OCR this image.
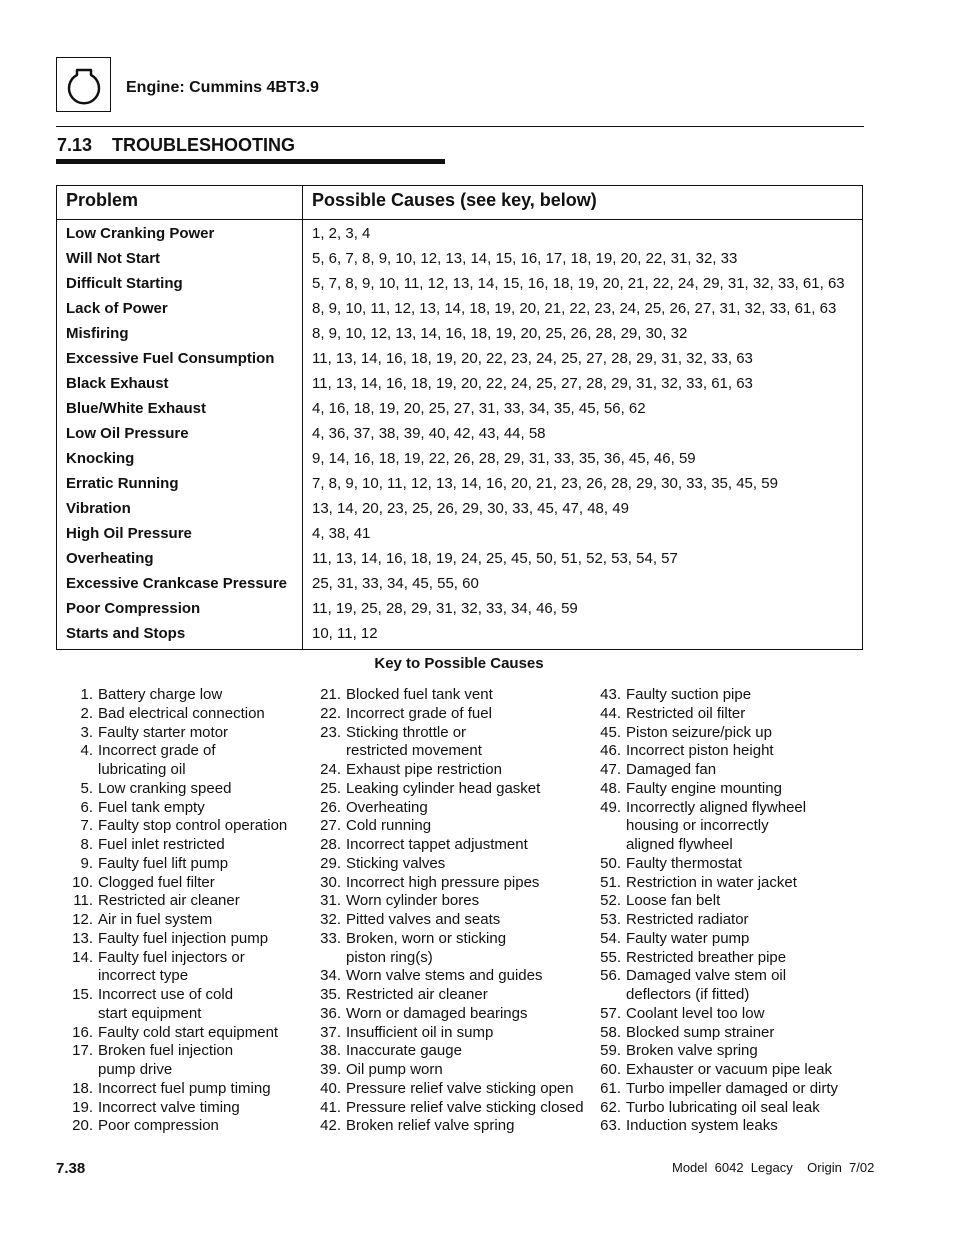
Engine: Cummins 4BT3.9
7.13 TROUBLESHOOTING
Problem	Possible Causes (see key, below)
Low Cranking Power	1, 2, 3, 4
Will Not Start	5, 6, 7, 8, 9, 10, 12, 13, 14, 15, 16, 17, 18, 19, 20, 22, 31, 32, 33
Difficult Starting	5, 7, 8, 9, 10, 11, 12, 13, 14, 15, 16, 18, 19, 20, 21, 22, 24, 29, 31, 32, 33, 61, 63
Lack of Power	8, 9, 10, 11, 12, 13, 14, 18, 19, 20, 21, 22, 23, 24, 25, 26, 27, 31, 32, 33, 61, 63
Misfiring	8, 9, 10, 12, 13, 14, 16, 18, 19, 20, 25, 26, 28, 29, 30, 32
Excessive Fuel Consumption	11, 13, 14, 16, 18, 19, 20, 22, 23, 24, 25, 27, 28, 29, 31, 32, 33, 63
Black Exhaust	11, 13, 14, 16, 18, 19, 20, 22, 24, 25, 27, 28, 29, 31, 32, 33, 61, 63
Blue/White Exhaust	4, 16, 18, 19, 20, 25, 27, 31, 33, 34, 35, 45, 56, 62
Low Oil Pressure	4, 36, 37, 38, 39, 40, 42, 43, 44, 58
Knocking	9, 14, 16, 18, 19, 22, 26, 28, 29, 31, 33, 35, 36, 45, 46, 59
Erratic Running	7, 8, 9, 10, 11, 12, 13, 14, 16, 20, 21, 23, 26, 28, 29, 30, 33, 35, 45, 59
Vibration	13, 14, 20, 23, 25, 26, 29, 30, 33, 45, 47, 48, 49
High Oil Pressure	4, 38, 41
Overheating	11, 13, 14, 16, 18, 19, 24, 25, 45, 50, 51, 52, 53, 54, 57
Excessive Crankcase Pressure 25, 31, 33, 34, 45, 55, 60
Poor Compression	11, 19, 25, 28, 29, 31, 32, 33, 34, 46, 59
Starts and Stops	10, 11, 12
Key to Possible Causes
1. Battery charge low
2. Bad electrical connection
3. Faulty starter motor
4. Incorrect grade of
lubricating oil
5. Low cranking speed
6. Fuel tank empty
7. Faulty stop control operation
8. Fuel inlet restricted
9. Faulty fuel lift pump
10. Clogged fuel filter
11. Restricted air cleaner
12. Air in fuel system
13. Faulty fuel injection pump
14. Faulty fuel injectors or
incorrect type
15. Incorrect use of cold
start equipment
16. Faulty cold start equipment
17. Broken fuel injection
pump drive
18. Incorrect fuel pump timing
19. Incorrect valve timing
20. Poor compression
21. Blocked fuel tank vent
22. Incorrect grade of fuel
23. Sticking throttle or
restricted movement
24. Exhaust pipe restriction
25. Leaking cylinder head gasket
26. Overheating
27. Cold running
28. Incorrect tappet adjustment
29. Sticking valves
30. Incorrect high pressure pipes
31. Worn cylinder bores
32. Pitted valves and seats
33. Broken, worn or sticking
piston ring(s)
34. Worn valve stems and guides
35. Restricted air cleaner
36. Worn or damaged bearings
37. Insufficient oil in sump
38. Inaccurate gauge
39. Oil pump worn
40. Pressure relief valve sticking open
41. Pressure relief valve sticking closed
42. Broken relief valve spring
43. Faulty suction pipe
44. Restricted oil filter
45. Piston seizure/pick up
46. Incorrect piston height
47. Damaged fan
48. Faulty engine mounting
49. Incorrectly aligned flywheel
housing or incorrectly
aligned flywheel
50. Faulty thermostat
51. Restriction in water jacket
52. Loose fan belt
53. Restricted radiator
54. Faulty water pump
55. Restricted breather pipe
56. Damaged valve stem oil
deflectors (if fitted)
57. Coolant level too low
58. Blocked sump strainer
59. Broken valve spring
60. Exhauster or vacuum pipe leak
61. Turbo impeller damaged or dirty
62. Turbo lubricating oil seal leak
63. Induction system leaks
7.38	Model  6042  Legacy    Origin  7/02
